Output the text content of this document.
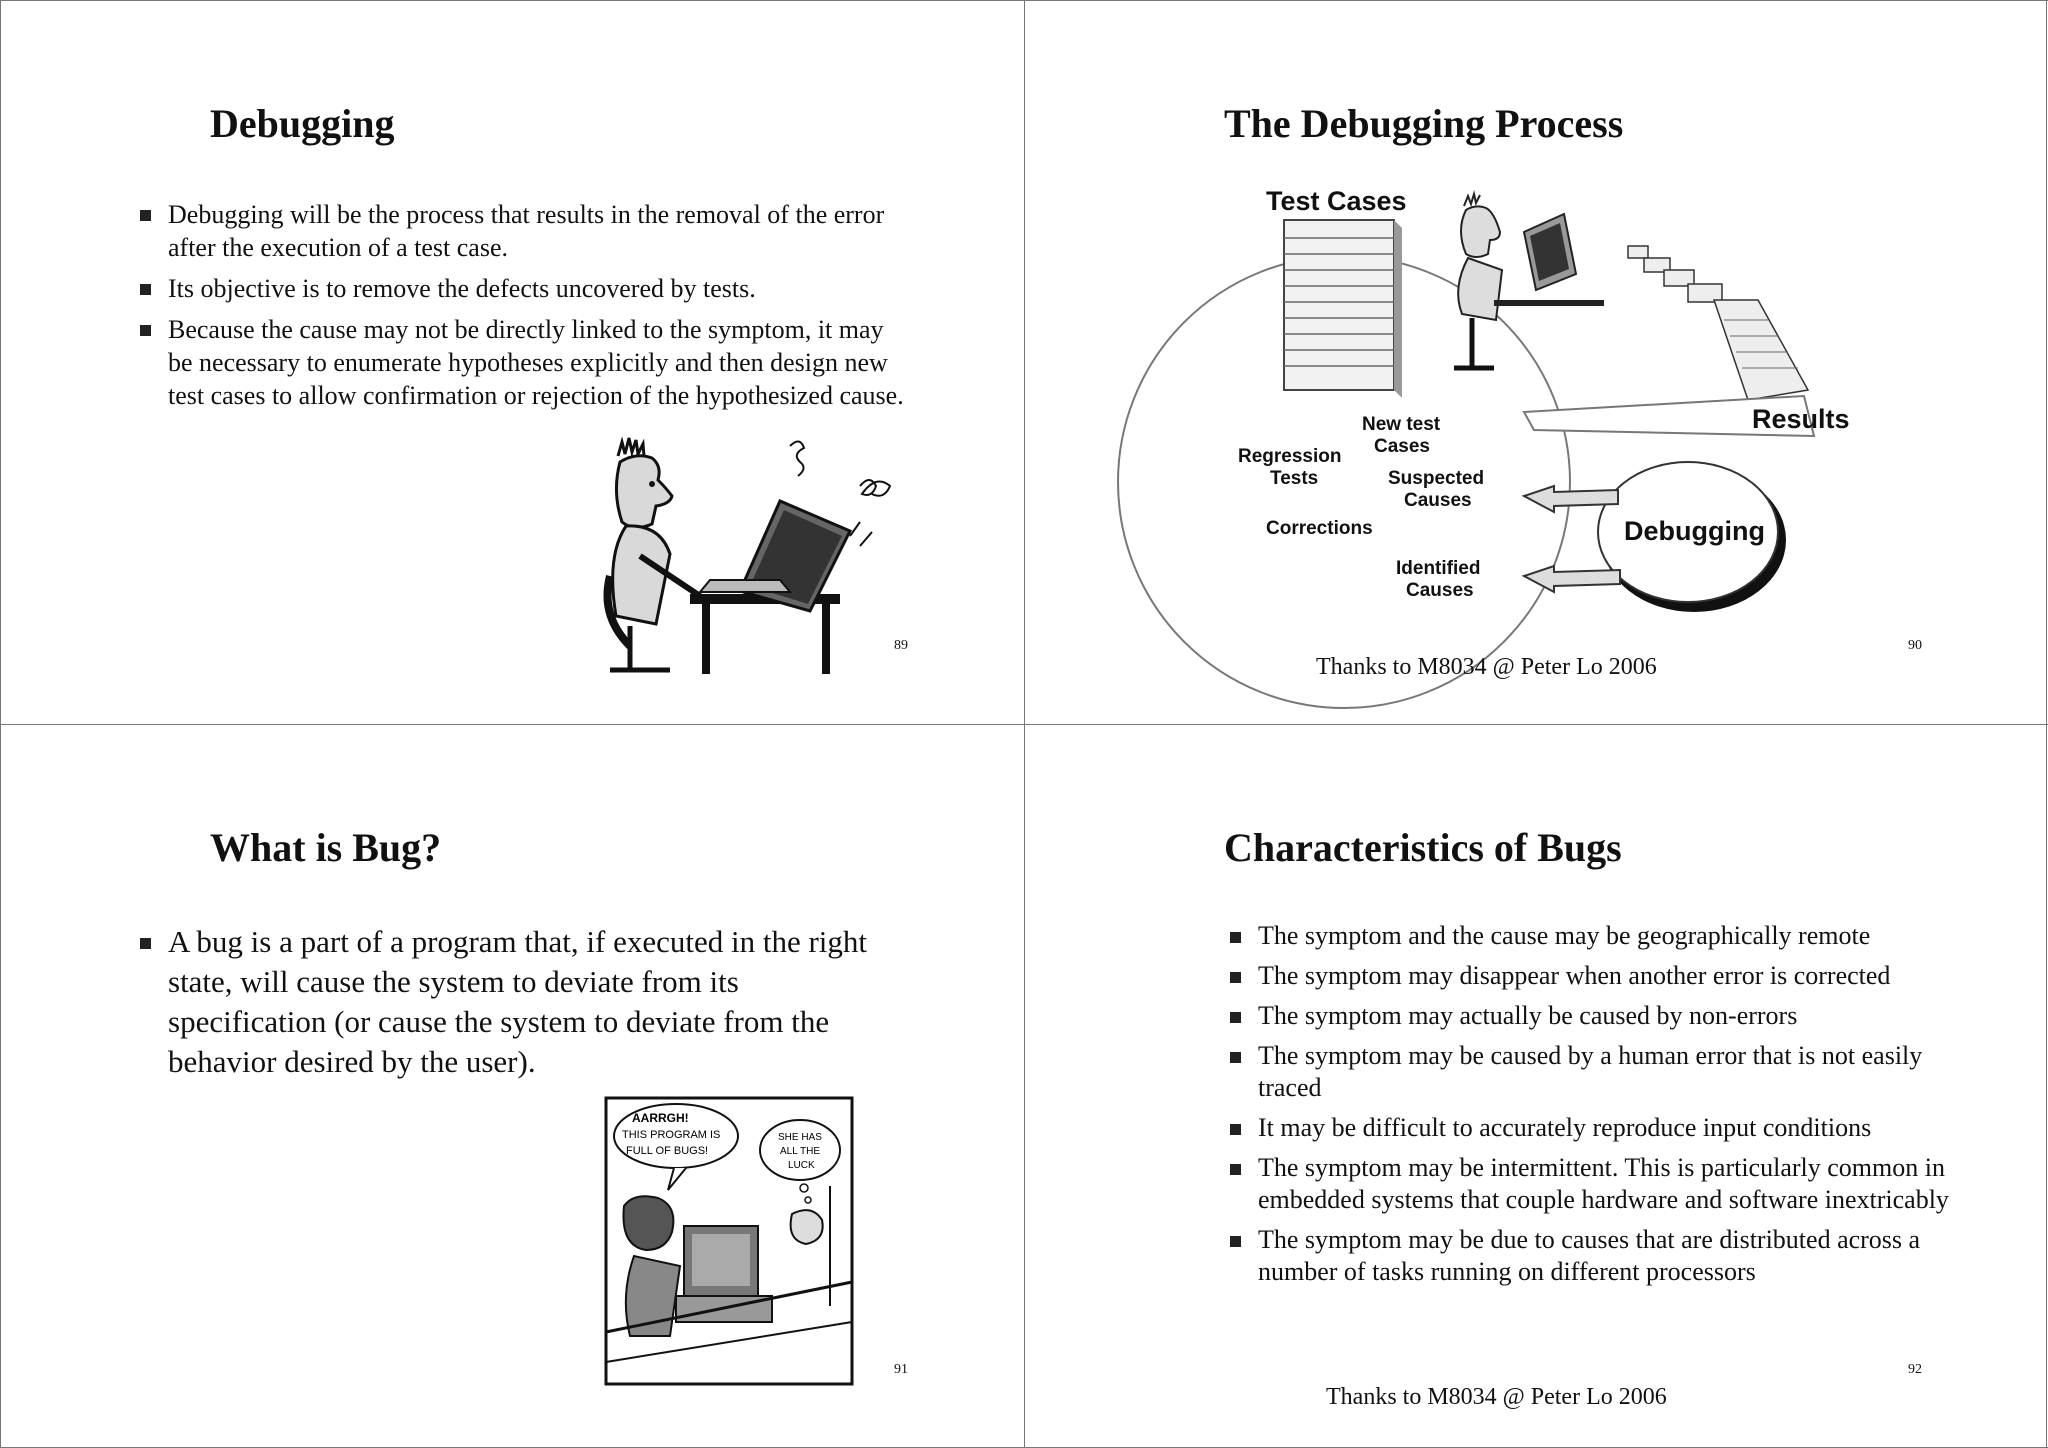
Debugging
Debugging will be the process that results in the removal of the error after the execution of a test case.
Its objective is to remove the defects uncovered by tests.
Because the cause may not be directly linked to the symptom, it may be necessary to enumerate hypotheses explicitly and then design new test cases to allow confirmation or rejection of the hypothesized cause.
89
The Debugging Process
Test Cases
Results
Debugging
New test
Cases
Regression
Tests	Suspected
Causes
Corrections
Identified
Causes
Thanks to M8034 @ Peter Lo 2006
90
What is Bug?
A bug is a part of a program that, if executed in the right state, will cause the system to deviate from its specification (or cause the system to deviate from the behavior desired by the user).
AARRGH!
THIS PROGRAM IS
FULL OF BUGS!
SHE HAS
ALL THE
LUCK
91
Characteristics of Bugs
The symptom and the cause may be geographically remote
The symptom may disappear when another error is corrected
The symptom may actually be caused by non-errors
The symptom may be caused by a human error that is not easily traced
It may be difficult to accurately reproduce input conditions
The symptom may be intermittent. This is particularly common in embedded systems that couple hardware and software inextricably
The symptom may be due to causes that are distributed across a number of tasks running on different processors
Thanks to M8034 @ Peter Lo 2006
92
